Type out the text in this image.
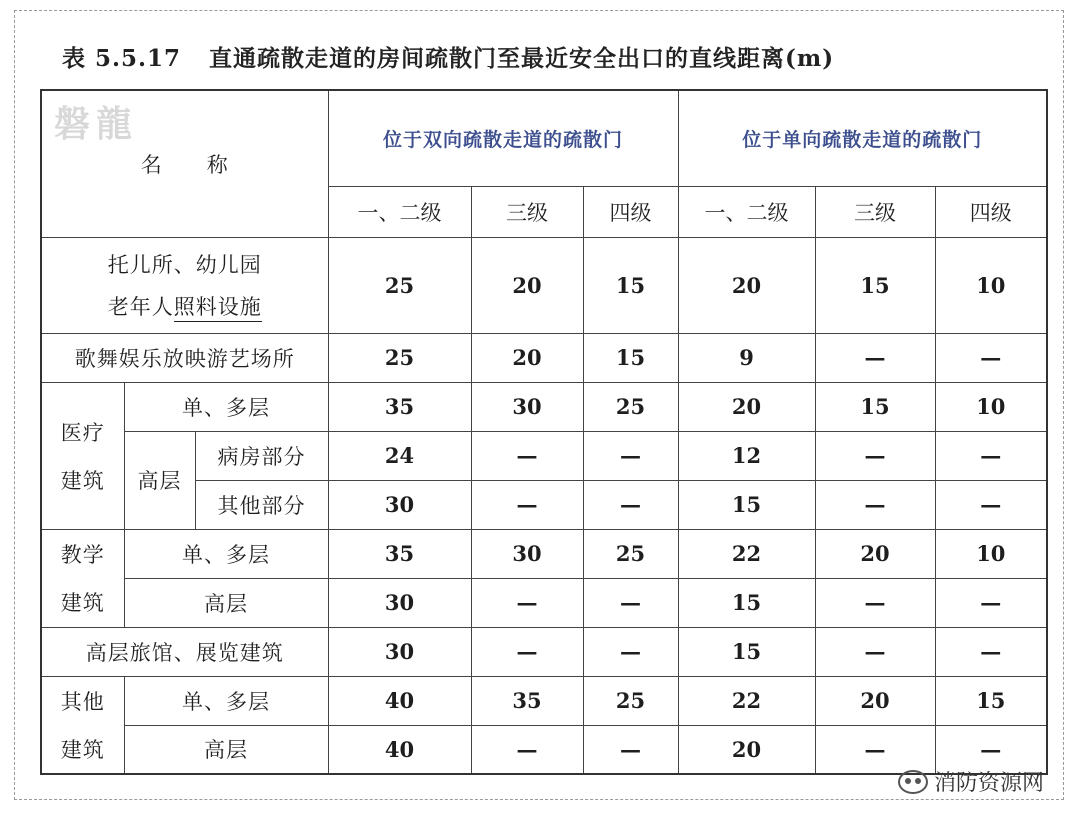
表 5.5.17 直通疏散走道的房间疏散门至最近安全出口的直线距离(m)
名　　称			位于双向疏散走道的疏散门			位于单向疏散走道的疏散门		
			一、二级	三级	四级	一、二级	三级	四级

托儿所、幼儿园
老年人照料设施			25	20	15	20	15	10
歌舞娱乐放映游艺场所			25	20	15	9	—	—

医疗
建筑	单、多层		35	30	25	20	15	10
	高层	病房部分	24	—	—	12	—	—
		其他部分	30	—	—	15	—	—

教学
建筑	单、多层		35	30	25	22	20	10
	高层		30	—	—	15	—	—
高层旅馆、展览建筑			30	—	—	15	—	—

其他
建筑	单、多层		40	35	25	22	20	15
	高层		40	—	—	20	—	—
磐龍
消防资源网
